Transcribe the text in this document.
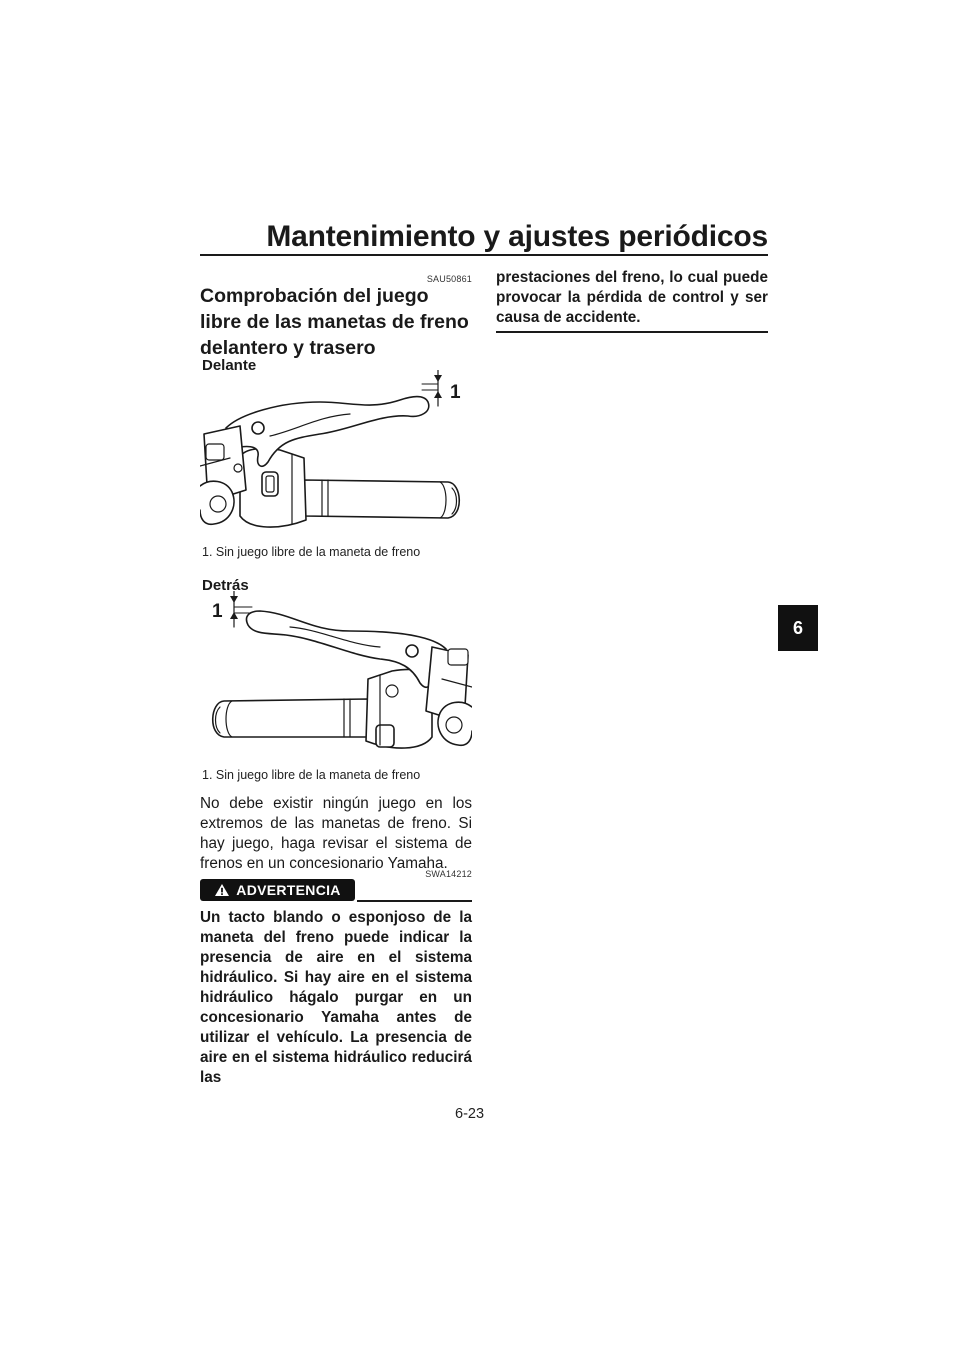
Mantenimiento y ajustes periódicos
6
SAU50861
Comprobación del juego libre de las manetas de freno delantero y trasero
Delante
1
1. Sin juego libre de la maneta de freno
Detrás
1
1. Sin juego libre de la maneta de freno
No debe existir ningún juego en los extremos de las manetas de freno. Si hay juego, haga revisar el sistema de frenos en un concesionario Yamaha.
SWA14212
ADVERTENCIA
Un tacto blando o esponjoso de la maneta del freno puede indicar la presencia de aire en el sistema hidráulico. Si hay aire en el sistema hidráulico hágalo purgar en un concesionario Yamaha antes de utilizar el vehículo. La presencia de aire en el sistema hidráulico reducirá las
prestaciones del freno, lo cual puede provocar la pérdida de control y ser causa de accidente.
6-23
